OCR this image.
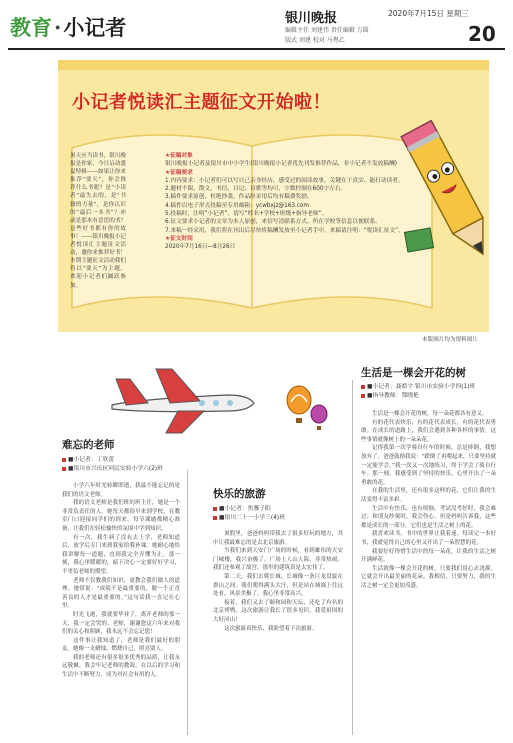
教育·小记者	银川晚报	2020年7月15日 星期三
编辑主任 刘建伟 责任编辑 万圆
版式 刘建 校对 马粤乙	20
小记者悦读汇主题征文开始啦！
暑天应当读书，银川晚报是你家，今日启动盛夏特辑——如果让你来推荐“要天”，你会推荐什么书呢？是“小读者”最失去的，是“书籍的力量”，是你认识的“最后一本书”？亦或是那本有意思的书？这些好书都有你的故事！——银川晚报小记者悦读汇主题征文活动，邀你来推荐好书！本期主题征文活动我们将以“要天”为主题，欢迎小记者们踊跃参加。

★征稿对象

银川晚报小记者及银川市中小学生(银川晚报小记者优先刊发推荐作品，非小记者不发放稿酬)

★征稿要求

1.内容要求：小记者们可以写自己亲身经历、感受过的阅读故事，关键在于真实、能打动读者。

2.题材不限，散文、书信、日记、诗歌等均可，字数控制在600字左右。

3.稿件要求原创，杜绝抄袭，作品经采用后均有稿费奖励。

4.稿件以电子形式投稿至专用邮箱：ycwbxjz@163.com

5.投稿时，注明“小记者”，请写“姓名+学校+班级+指导老师”。

6.征文要求小记者的文章为本人原创，来信写清联系方式、所在学校等信息以便联系。

7.来稿一经采用，我们将在刊出后尽快将稿酬发放至小记者手中。来稿请注明：“悦读汇征文”。

★征文时间

2020年7月16日—8月26日

本版图片均为资料图片
难忘的老师
■小记者：丁欣蕾
■银川市兴庆区回民实验小学六(2)班

小学六年时光转瞬即逝，我最不能忘记的是我们的语文老师。

我的语文老师是我们班的班主任，她是一个非常负责任的人。她每天都很早来到学校，在教室门口迎接同学们的到来。每节课她都精心准备，让我们在轻松愉快的氛围中学到知识。

有一次，我生病了没有去上学，老师知道后，放学后专门来到我家给我补课。她耐心地给我讲解每一道题，直到我完全弄懂为止。那一刻，我心里暖暖的，暗下决心一定要好好学习，不辜负老师的期望。

老师不仅教我们知识，更教会我们做人的道理。她常说：“成绩不是最重要的，做一个正直善良的人才是最重要的。”这句话我一直记在心里。

时光飞逝，我就要毕业了，离开老师的那一天，我一定会哭的。老师，谢谢您这六年来对我们的关心和照顾，我永远不会忘记您！

这件事让我知道了，老师是我们最好的朋友。她像一支蜡烛，燃烧自己，照亮别人。

我的老师还有很多很多优秀的品质，让我永远敬佩。我会牢记老师的教诲，在以后的学习和生活中不断努力，成为对社会有用的人。

快乐的旅游
■小记者：焦馨子阳
■银川二十一小学三(4)班

暑假里，爸爸妈妈带我去了很多好玩的地方，其中让我最难忘的是去北京旅游。

当我们来到天安门广场的时候，看到雄伟的天安门城楼，我兴奋极了。广场上人山人海，非常热闹。我们还参观了故宫，那里的建筑真是太宏伟了。

第二天，我们去爬长城。长城像一条巨龙盘旋在群山之间。我们爬得满头大汗，但是站在城墙上往远处看，风景美极了，我心里非常高兴。

接着，我们又去了颐和园和天坛，还吃了有名的北京烤鸭。这次旅游让我长了很多见识，我爱祖国的大好河山！

这次旅游真快乐，我盼望着下次旅游。

生活是一棵会开花的树
■小记者：聂皓宇 银川市实验小学四(1)班
■指导教师：鄂晓艳

生活是一棵会开花的树，每一朵花都各有意义。

有的花代表快乐，有的花代表成长，有的花代表勇敢。在成长的道路上，我们会遇到各种各样的事情，这些事情就像树上的一朵朵花。

记得我第一次学骑自行车的时候，总是摔倒，我想放弃了。爸爸鼓励我说：“跌倒了再爬起来，只要坚持就一定能学会。”我一次又一次地练习，终于学会了骑自行车。那一刻，我感受到了坚持的快乐，心里开出了一朵勇敢的花。

在我的生活里，还有很多这样的花，它们让我的生活变得丰富多彩。

生活中有快乐，也有烦恼。考试没考好时，我会难过；和朋友吵架时，我会伤心。但是妈妈告诉我，这些都是成长的一部分，它们也是生活之树上的花。

我喜欢读书，书中的世界让我着迷。每读完一本好书，我就觉得自己的心里又开出了一朵智慧的花。

我要好好珍惜生活中的每一朵花，让我的生活之树开满鲜花。

生活就像一棵会开花的树，只要我们用心去浇灌，它就会开出最美丽的花朵。我相信，只要努力，我的生活之树一定会更加茂盛。
